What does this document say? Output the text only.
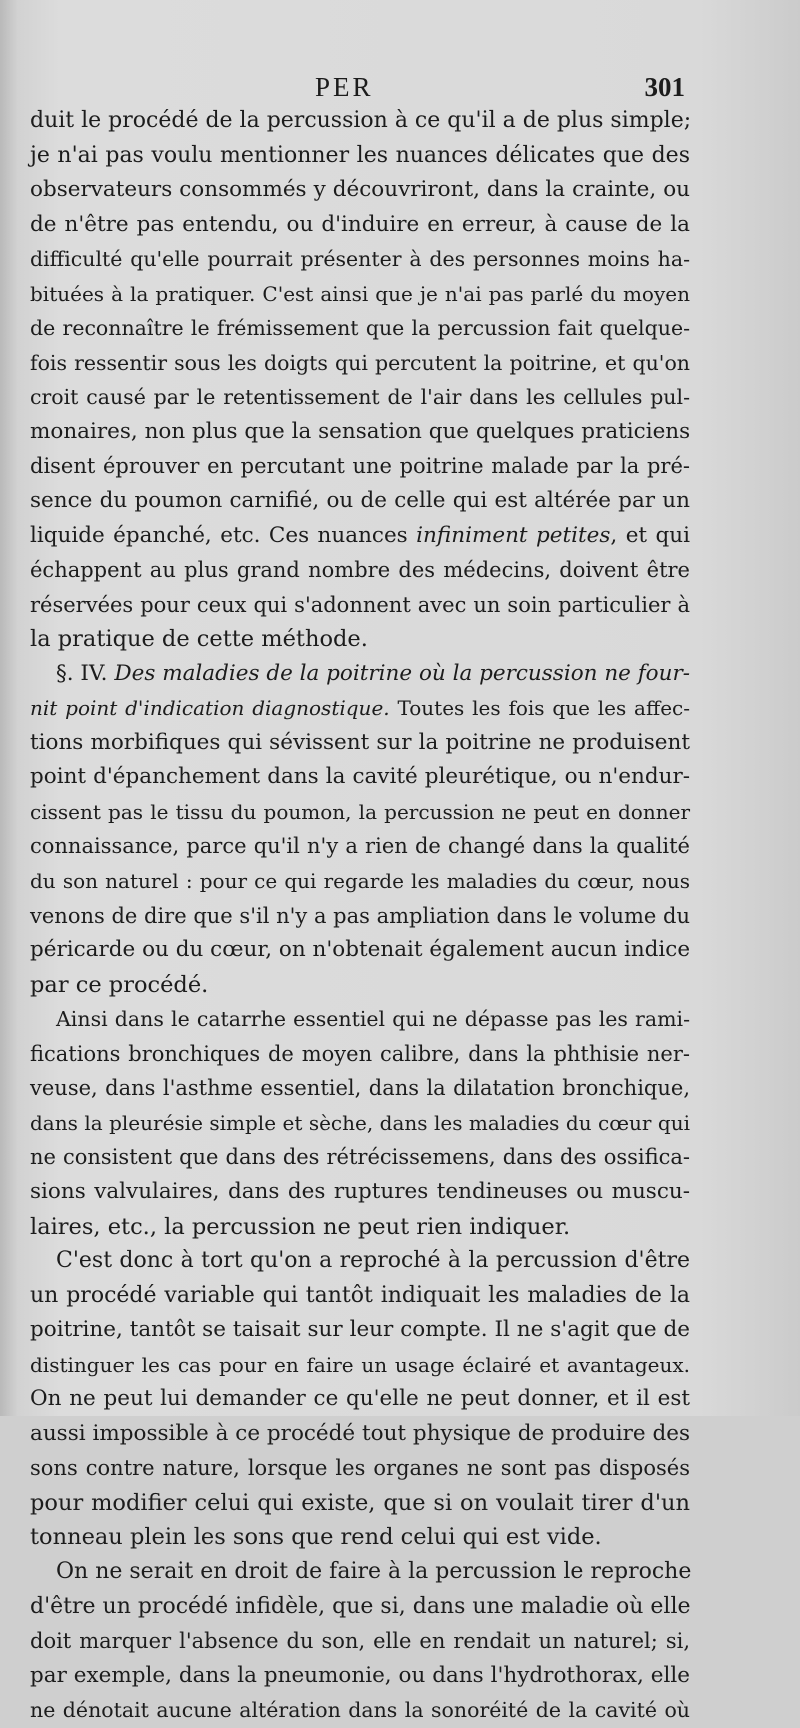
PER	301
duit le procédé de la percussion à ce qu'il a de plus simple;
je n'ai pas voulu mentionner les nuances délicates que des
observateurs consommés y découvriront, dans la crainte, ou
de n'être pas entendu, ou d'induire en erreur, à cause de la
difficulté qu'elle pourrait présenter à des personnes moins ha-
bituées à la pratiquer. C'est ainsi que je n'ai pas parlé du moyen
de reconnaître le frémissement que la percussion fait quelque-
fois ressentir sous les doigts qui percutent la poitrine, et qu'on
croit causé par le retentissement de l'air dans les cellules pul-
monaires, non plus que la sensation que quelques praticiens
disent éprouver en percutant une poitrine malade par la pré-
sence du poumon carnifié, ou de celle qui est altérée par un
liquide épanché, etc. Ces nuances infiniment petites, et qui
échappent au plus grand nombre des médecins, doivent être
réservées pour ceux qui s'adonnent avec un soin particulier à
la pratique de cette méthode.
§. IV. Des maladies de la poitrine où la percussion ne four-
nit point d'indication diagnostique. Toutes les fois que les affec-
tions morbifiques qui sévissent sur la poitrine ne produisent
point d'épanchement dans la cavité pleurétique, ou n'endur-
cissent pas le tissu du poumon, la percussion ne peut en donner
connaissance, parce qu'il n'y a rien de changé dans la qualité
du son naturel : pour ce qui regarde les maladies du cœur, nous
venons de dire que s'il n'y a pas ampliation dans le volume du
péricarde ou du cœur, on n'obtenait également aucun indice
par ce procédé.
Ainsi dans le catarrhe essentiel qui ne dépasse pas les rami-
fications bronchiques de moyen calibre, dans la phthisie ner-
veuse, dans l'asthme essentiel, dans la dilatation bronchique,
dans la pleurésie simple et sèche, dans les maladies du cœur qui
ne consistent que dans des rétrécissemens, dans des ossifica-
sions valvulaires, dans des ruptures tendineuses ou muscu-
laires, etc., la percussion ne peut rien indiquer.
C'est donc à tort qu'on a reproché à la percussion d'être
un procédé variable qui tantôt indiquait les maladies de la
poitrine, tantôt se taisait sur leur compte. Il ne s'agit que de
distinguer les cas pour en faire un usage éclairé et avantageux.
On ne peut lui demander ce qu'elle ne peut donner, et il est
aussi impossible à ce procédé tout physique de produire des
sons contre nature, lorsque les organes ne sont pas disposés
pour modifier celui qui existe, que si on voulait tirer d'un
tonneau plein les sons que rend celui qui est vide.
On ne serait en droit de faire à la percussion le reproche
d'être un procédé infidèle, que si, dans une maladie où elle
doit marquer l'absence du son, elle en rendait un naturel; si,
par exemple, dans la pneumonie, ou dans l'hydrothorax, elle
ne dénotait aucune altération dans la sonoréité de la cavité où
